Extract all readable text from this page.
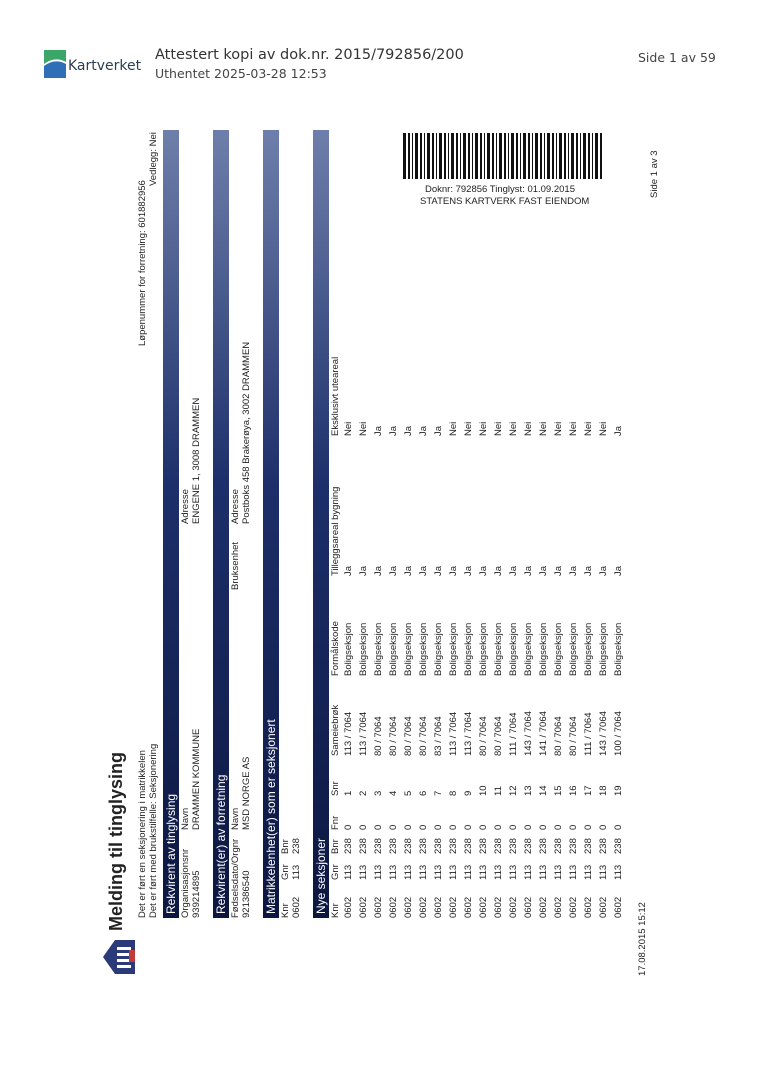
Kartverket
Attestert kopi av dok.nr. 2015/792856/200
Uthentet 2025-03-28 12:53
Side 1 av 59
Doknr: 792856 Tinglyst: 01.09.2015
STATENS KARTVERK FAST EIENDOM
Side 1 av 3
Melding til tinglysing Det er ført en seksjonering i matrikkelen Det er ført med brukstilfelle: Seksjonering
Løpenummer for forretning: 601882956
Vedlegg: Nei
Rekvirent av tinglysing Organisasjonsnr
Navn
Adresse
939214895
DRAMMEN KOMMUNE
ENGENE 1, 3008 DRAMMEN
Rekvirent(er) av forretning Fødselsdato/Orgnr
Navn
Bruksenhet
Adresse
921386540
MSD NORGE AS
Postboks 458 Brakerøya, 3002 DRAMMEN
Matrikkelenhet(er) som er seksjonert Knr
Gnr
Bnr
0602
113
238 Nye seksjoner
17.08.2015 15:12
Knr
Gnr
Bnr
Fnr
Snr
Sameiebrøk
Formålskode
Tilleggsareal bygning
Eksklusivt uteareal
0602
113
238
0
1
113 / 7064
Boligseksjon
Ja
Nei
0602
113
238
0
2
113 / 7064
Boligseksjon
Ja
Nei
0602
113
238
0
3
80 / 7064
Boligseksjon
Ja
Ja
0602
113
238
0
4
80 / 7064
Boligseksjon
Ja
Ja
0602
113
238
0
5
80 / 7064
Boligseksjon
Ja
Ja
0602
113
238
0
6
80 / 7064
Boligseksjon
Ja
Ja
0602
113
238
0
7
83 / 7064
Boligseksjon
Ja
Ja
0602
113
238
0
8
113 / 7064
Boligseksjon
Ja
Nei
0602
113
238
0
9
113 / 7064
Boligseksjon
Ja
Nei
0602
113
238
0
10
80 / 7064
Boligseksjon
Ja
Nei
0602
113
238
0
11
80 / 7064
Boligseksjon
Ja
Nei
0602
113
238
0
12
111 / 7064
Boligseksjon
Ja
Nei
0602
113
238
0
13
143 / 7064
Boligseksjon
Ja
Nei
0602
113
238
0
14
141 / 7064
Boligseksjon
Ja
Nei
0602
113
238
0
15
80 / 7064
Boligseksjon
Ja
Nei
0602
113
238
0
16
80 / 7064
Boligseksjon
Ja
Nei
0602
113
238
0
17
111 / 7064
Boligseksjon
Ja
Nei
0602
113
238
0
18
143 / 7064
Boligseksjon
Ja
Nei
0602
113
238
0
19
100 / 7064
Boligseksjon
Ja
Ja
